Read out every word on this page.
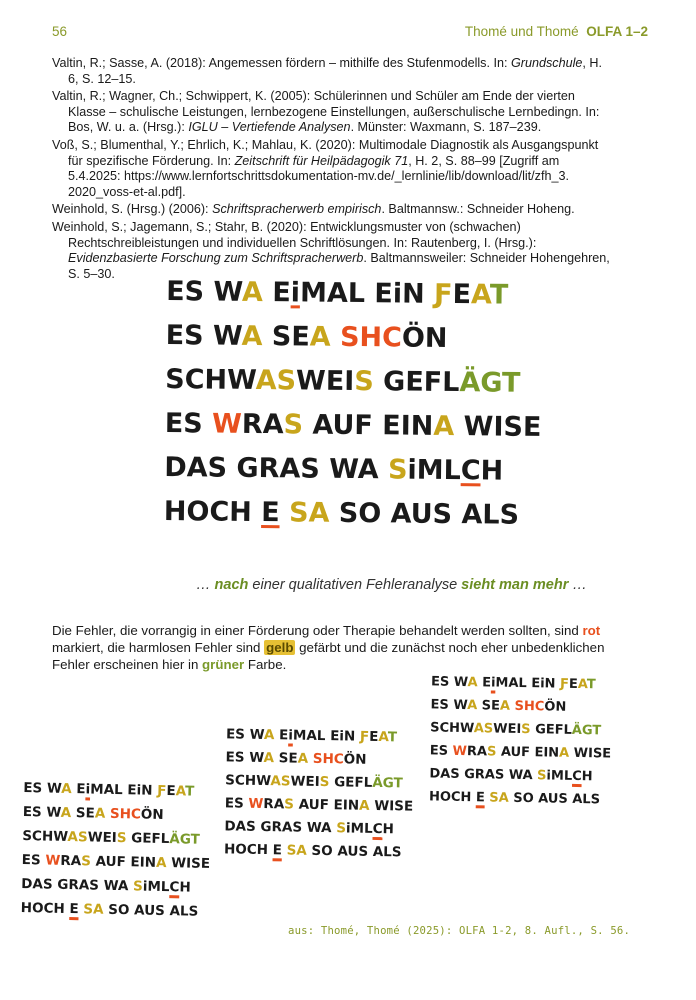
56	Thomé und Thomé OLFA 1–2

Valtin, R.; Sasse, A. (2018): Angemessen fördern – mithilfe des Stufenmodells. In: Grundschule, H. 6, S. 12–15.

Valtin, R.; Wagner, Ch.; Schwippert, K. (2005): Schülerinnen und Schüler am Ende der vierten Klasse – schulische Leistungen, lernbezogene Einstellungen, außerschulische Lernbedingn. In: Bos, W. u. a. (Hrsg.): IGLU – Vertiefende Analysen. Münster: Waxmann, S. 187–239.

Voß, S.; Blumenthal, Y.; Ehrlich, K.; Mahlau, K. (2020): Multimodale Diagnostik als Ausgangspunkt für spezifische Förderung. In: Zeitschrift für Heilpädagogik 71, H. 2, S. 88–99 [Zugriff am 5.4.2025: https://www.lernfortschrittsdokumentation-mv.de/_lernlinie/lib/download/lit/zfh_3. 2020_voss-et-al.pdf].

Weinhold, S. (Hrsg.) (2006): Schriftspracherwerb empirisch. Baltmannsw.: Schneider Hoheng.

Weinhold, S.; Jagemann, S.; Stahr, B. (2020): Entwicklungsmuster von (schwachen) Rechtschreibleistungen und individuellen Schriftlösungen. In: Rautenberg, I. (Hrsg.): Evidenzbasierte Forschung zum Schriftspracherwerb. Baltmannsweiler: Schneider Hohengehren, S. 5–30.

ES WA EiMAL EiN ƑEAT
ES WA SEA SHCÖN
SCHWASWEIS GEFLÄGT
ES WRAS AUF EINA WISE
DAS GRAS WA SiMLCH
HOCH E SA SO AUS ALS
… nach einer qualitativen Fehleranalyse sieht man mehr …
Die Fehler, die vorrangig in einer Förderung oder Therapie behandelt werden sollten, sind rot markiert, die harmlosen Fehler sind gelb gefärbt und die zunächst noch eher unbedenklichen Fehler erscheinen hier in grüner Farbe.
ES WA EiMAL EiN ƑEAT
ES WA SEA SHCÖN
SCHWASWEIS GEFLÄGT
ES WRAS AUF EINA WISE
DAS GRAS WA SiMLCH
HOCH E SA SO AUS ALS
ES WA EiMAL EiN ƑEAT
ES WA SEA SHCÖN
SCHWASWEIS GEFLÄGT
ES WRAS AUF EINA WISE
DAS GRAS WA SiMLCH
HOCH E SA SO AUS ALS
ES WA EiMAL EiN ƑEAT
ES WA SEA SHCÖN
SCHWASWEIS GEFLÄGT
ES WRAS AUF EINA WISE
DAS GRAS WA SiMLCH
HOCH E SA SO AUS ALS
aus: Thomé, Thomé (2025): OLFA 1-2, 8. Aufl., S. 56.
